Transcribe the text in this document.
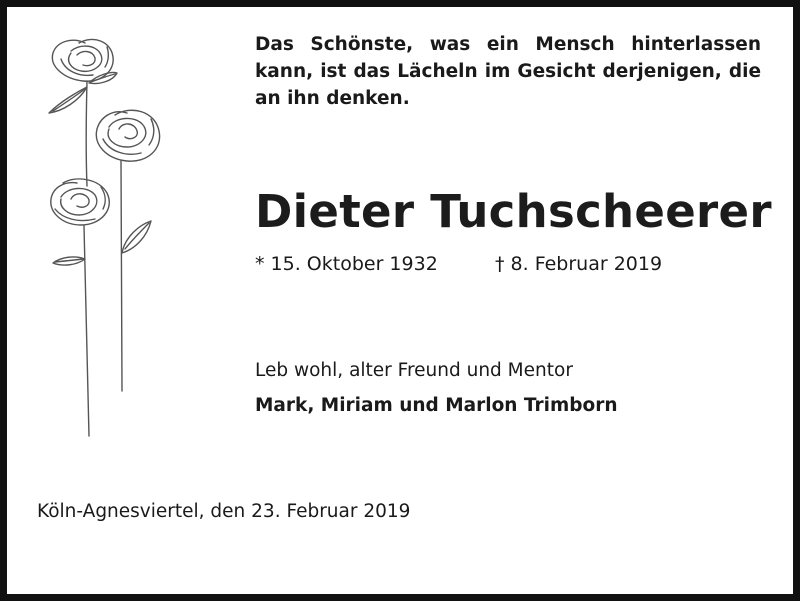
Das Schönste, was ein Mensch hinterlassen kann, ist das Lächeln im Gesicht derjenigen, die an ihn denken.
Dieter Tuchscheerer
* 15. Oktober 1932	† 8. Februar 2019
Leb wohl, alter Freund und Mentor
Mark, Miriam und Marlon Trimborn
Köln-Agnesviertel, den 23. Februar 2019
